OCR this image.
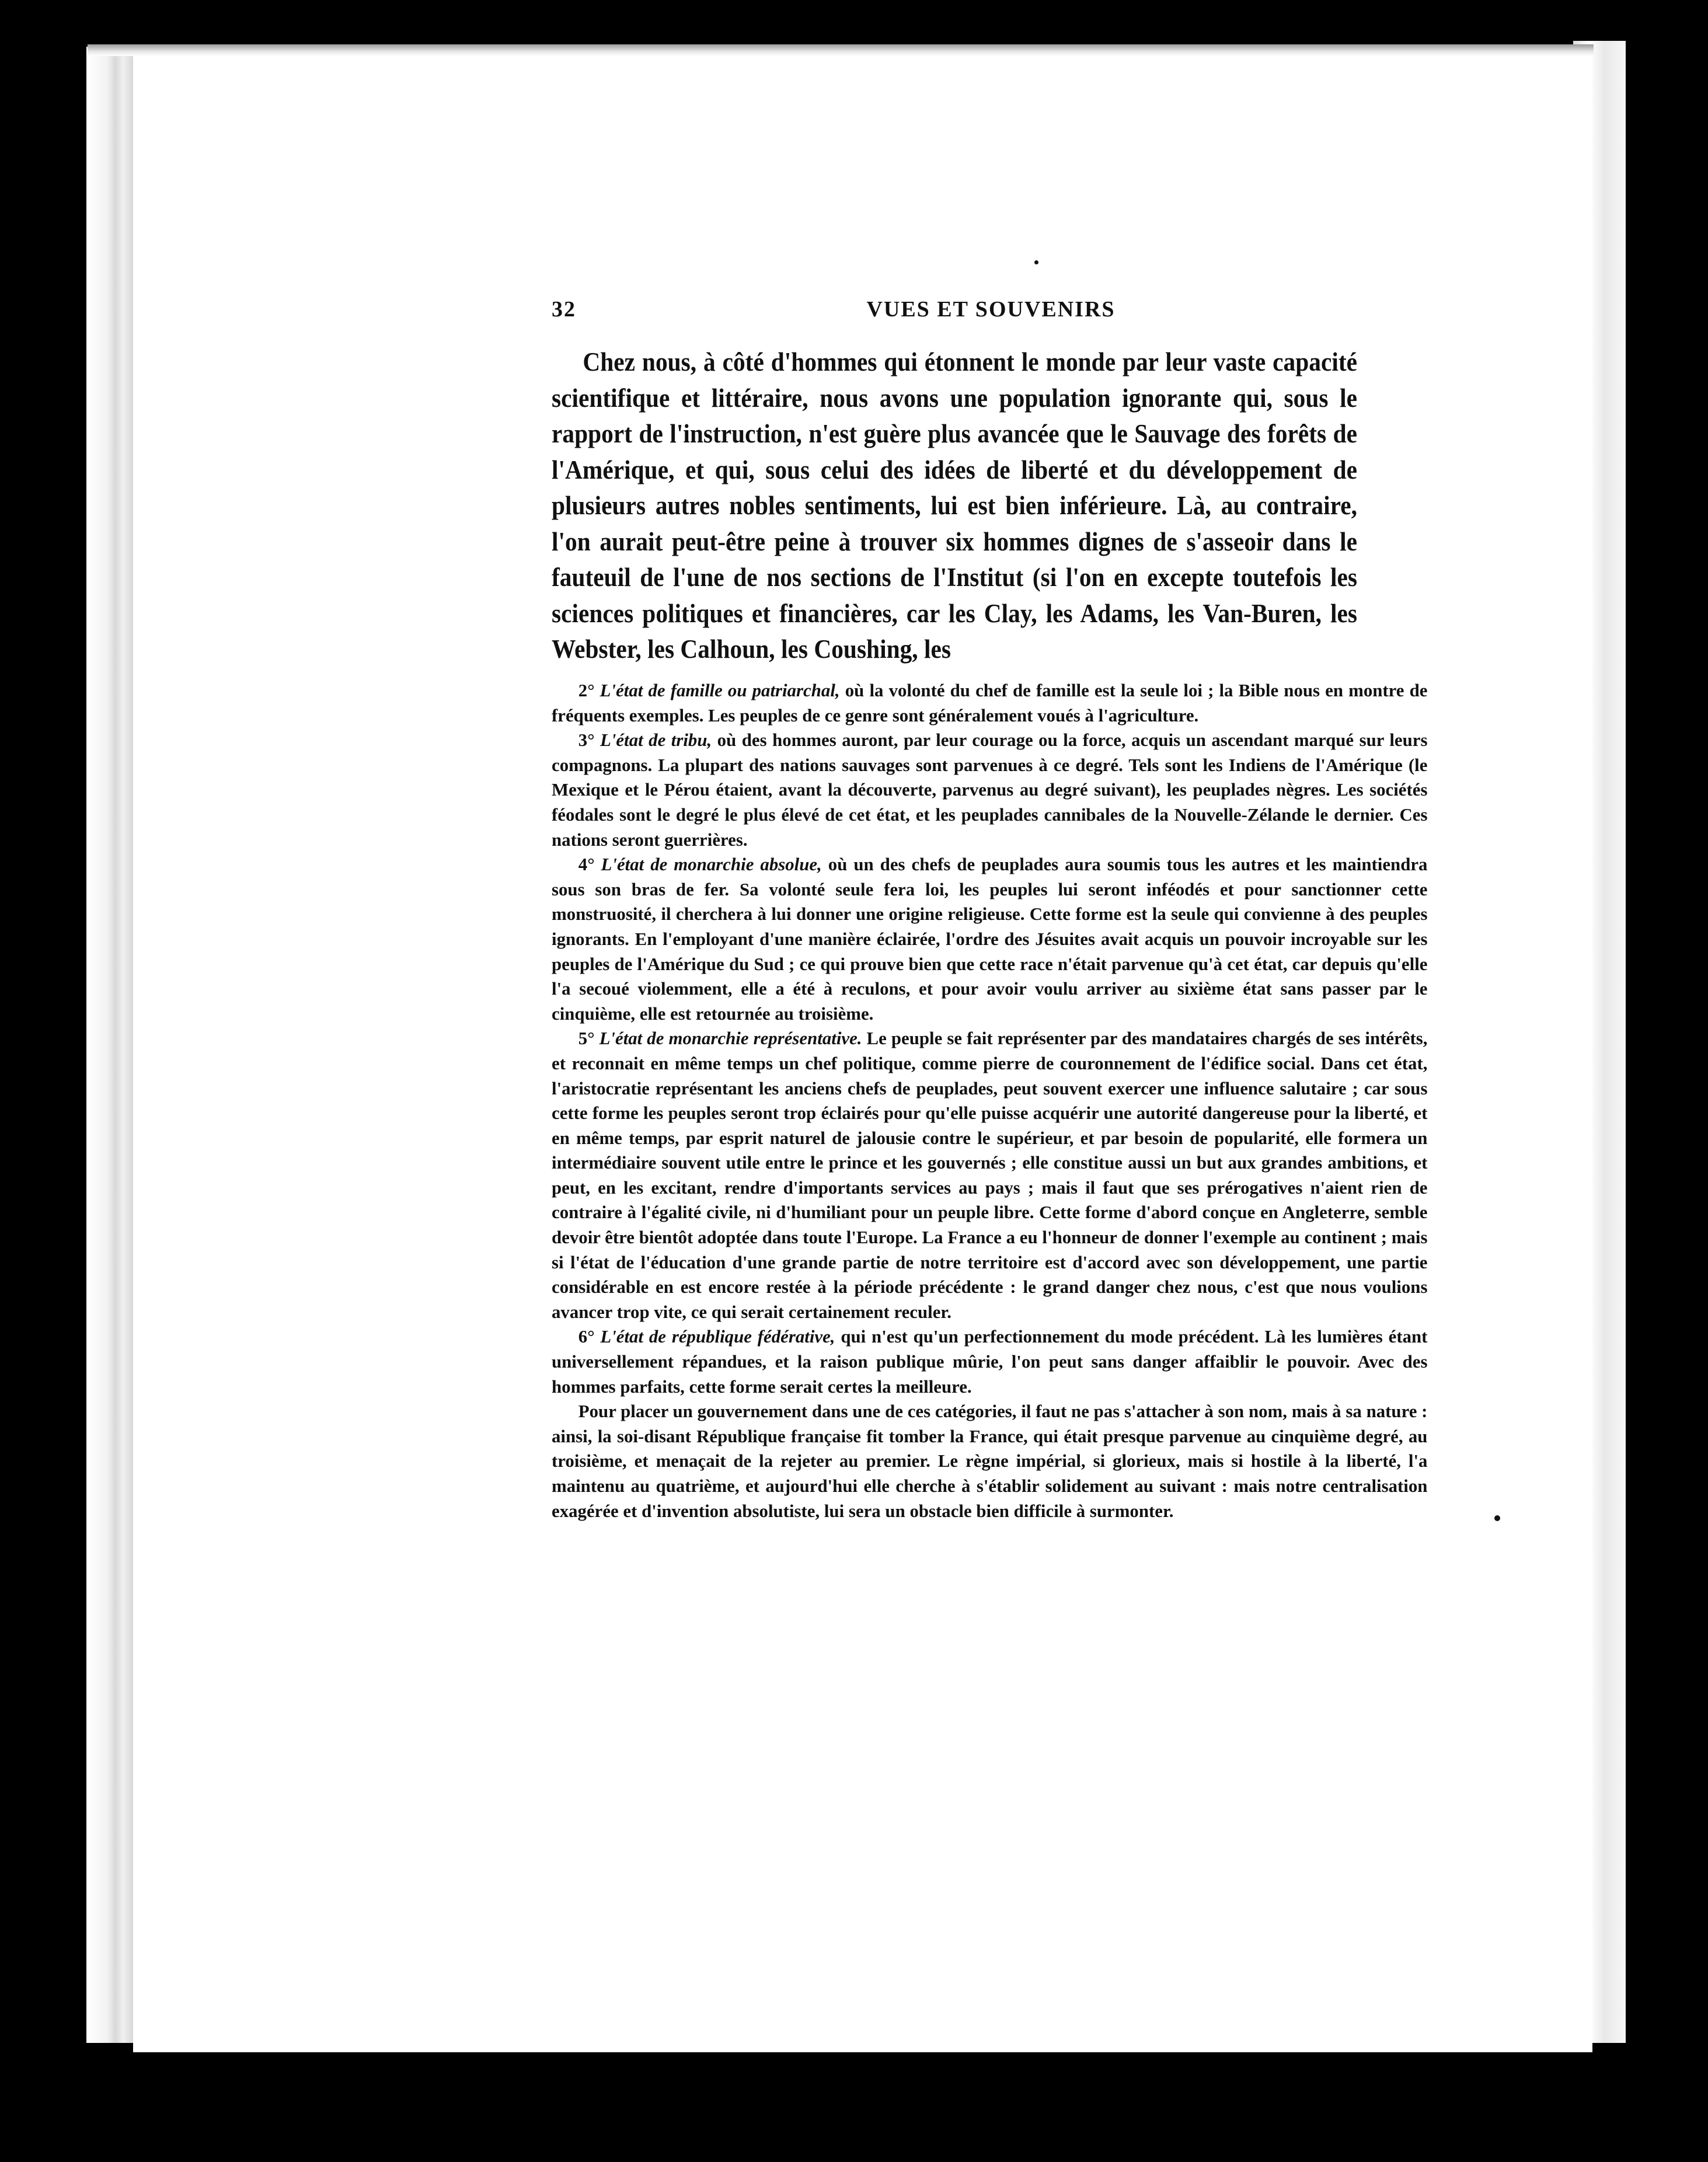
32	VUES ET SOUVENIRS

Chez nous, à côté d'hommes qui étonnent le monde par leur vaste capacité scientifique et littéraire, nous avons une population ignorante qui, sous le rapport de l'instruction, n'est guère plus avancée que le Sauvage des forêts de l'Amérique, et qui, sous celui des idées de liberté et du développement de plusieurs autres nobles sentiments, lui est bien inférieure. Là, au contraire, l'on aurait peut-être peine à trouver six hommes dignes de s'asseoir dans le fauteuil de l'une de nos sections de l'Institut (si l'on en excepte toutefois les sciences politiques et financières, car les Clay, les Adams, les Van-Buren, les Webster, les Calhoun, les Coushing, les

2° L'état de famille ou patriarchal, où la volonté du chef de famille est la seule loi ; la Bible nous en montre de fréquents exemples. Les peuples de ce genre sont généralement voués à l'agriculture.

3° L'état de tribu, où des hommes auront, par leur courage ou la force, acquis un ascendant marqué sur leurs compagnons. La plupart des nations sauvages sont parvenues à ce degré. Tels sont les Indiens de l'Amérique (le Mexique et le Pérou étaient, avant la découverte, parvenus au degré suivant), les peuplades nègres. Les sociétés féodales sont le degré le plus élevé de cet état, et les peuplades cannibales de la Nouvelle-Zélande le dernier. Ces nations seront guerrières.

4° L'état de monarchie absolue, où un des chefs de peuplades aura soumis tous les autres et les maintiendra sous son bras de fer. Sa volonté seule fera loi, les peuples lui seront inféodés et pour sanctionner cette monstruosité, il cherchera à lui donner une origine religieuse. Cette forme est la seule qui convienne à des peuples ignorants. En l'employant d'une manière éclairée, l'ordre des Jésuites avait acquis un pouvoir incroyable sur les peuples de l'Amérique du Sud ; ce qui prouve bien que cette race n'était parvenue qu'à cet état, car depuis qu'elle l'a secoué violemment, elle a été à reculons, et pour avoir voulu arriver au sixième état sans passer par le cinquième, elle est retournée au troisième.

5° L'état de monarchie représentative. Le peuple se fait représenter par des mandataires chargés de ses intérêts, et reconnait en même temps un chef politique, comme pierre de couronnement de l'édifice social. Dans cet état, l'aristocratie représentant les anciens chefs de peuplades, peut souvent exercer une influence salutaire ; car sous cette forme les peuples seront trop éclairés pour qu'elle puisse acquérir une autorité dangereuse pour la liberté, et en même temps, par esprit naturel de jalousie contre le supérieur, et par besoin de popularité, elle formera un intermédiaire souvent utile entre le prince et les gouvernés ; elle constitue aussi un but aux grandes ambitions, et peut, en les excitant, rendre d'importants services au pays ; mais il faut que ses prérogatives n'aient rien de contraire à l'égalité civile, ni d'humiliant pour un peuple libre. Cette forme d'abord conçue en Angleterre, semble devoir être bientôt adoptée dans toute l'Europe. La France a eu l'honneur de donner l'exemple au continent ; mais si l'état de l'éducation d'une grande partie de notre territoire est d'accord avec son développement, une partie considérable en est encore restée à la période précédente : le grand danger chez nous, c'est que nous voulions avancer trop vite, ce qui serait certainement reculer.

6° L'état de république fédérative, qui n'est qu'un perfectionnement du mode précédent. Là les lumières étant universellement répandues, et la raison publique mûrie, l'on peut sans danger affaiblir le pouvoir. Avec des hommes parfaits, cette forme serait certes la meilleure.

Pour placer un gouvernement dans une de ces catégories, il faut ne pas s'attacher à son nom, mais à sa nature : ainsi, la soi-disant République française fit tomber la France, qui était presque parvenue au cinquième degré, au troisième, et menaçait de la rejeter au premier. Le règne impérial, si glorieux, mais si hostile à la liberté, l'a maintenu au quatrième, et aujourd'hui elle cherche à s'établir solidement au suivant : mais notre centralisation exagérée et d'invention absolutiste, lui sera un obstacle bien difficile à surmonter.
